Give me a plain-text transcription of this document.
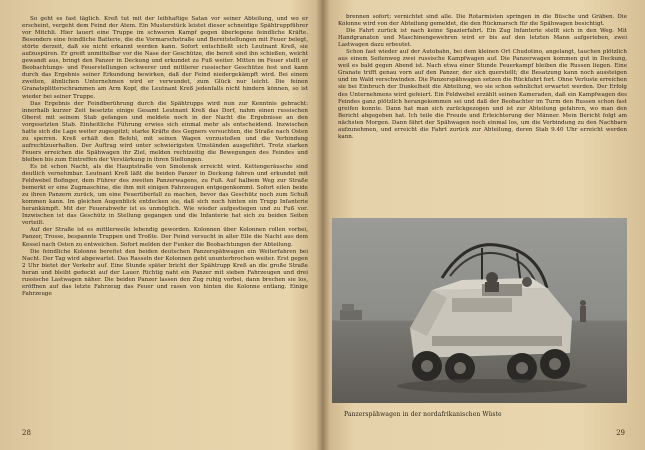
So geht es fast täglich. Kreß tut mit der leibhaftige Satan vor seiner Abteilung, und wo er erscheint, vergeht dem Feind der Atem. Ein Musterstück leistet dieser schneidige Spähtruppführer vor Mitchli. Hier lauert eine Truppe im schweren Kampf gegen überlegene feindliche Kräfte. Besonders eine feindliche Batterie, die die Vormarschstraße und Bereitstellungen mit Feuer belegt, störte derzeit, daß sie nicht erkannt werden kann. Sofort entschließt sich Leutnant Kreß, sie aufzuspüren. Er greift unmittelbar vor die Nase der Geschütze, die bereit sind ihn schießen, weicht gewandt aus, bringt den Panzer in Deckung und erkundet zu Fuß weiter. Mitten im Feuer stellt er Beobachtungs- und Feuerstellungen schwerer und mittlerer russischer Geschütze fest und kann durch das Ergebnis seiner Erkundung bewirken, daß der Feind niedergekämpft wird. Bei einem zweiten, ähnlichen Unternehmen wird er verwundet, zum Glück nur leicht. Die feinen Granatsplitterschrammen am Arm Kopf, die Leutnant Kreß jedenfalls nicht hindern können, so ist wieder bei seiner Truppe.

Das Ergebnis der Feindberührung durch die Spähtrupps wird nun zur Kenntnis gebracht: innerhalb kurzer Zeit besetzte einige Gesamt Leutnant Kreß das Dorf, nahm einen russischen Oberst mit seinem Stab gefangen und meldete noch in der Nacht die Ergebnisse an den vorgesetzten Stab. Einheitliche Führung erwies sich einmal mehr als entscheidend. Inzwischen hatte sich die Lage weiter zugespitzt; starke Kräfte des Gegners versuchten, die Straße nach Osten zu sperren. Kreß erhält den Befehl, mit seinen Wagen vorzustoßen und die Verbindung aufrechtzuerhalten. Der Auftrag wird unter schwierigsten Umständen ausgeführt. Trotz starken Feuers erreichen die Spähwagen ihr Ziel, melden rechtzeitig die Bewegungen des Feindes und bleiben bis zum Eintreffen der Verstärkung in ihren Stellungen.

Es ist schon Nacht, als die Hauptstraße von Smolensk erreicht wird. Kettengeräusche sind deutlich vernehmbar. Leutnant Kreß läßt die beiden Panzer in Deckung fahren und erkundet mit Feldwebel Bofinger, dem Führer des zweiten Panzerwagens, zu Fuß. Auf halbem Weg zur Straße bemerkt er eine Zugmaschine, die ihm mit einigen Fahrzeugen entgegenkommt. Sofort eilen beide zu ihren Panzern zurück, um eine Feuerüberfall zu machen, bevor das Geschütz noch zum Schuß kommen kann. Im gleichen Augenblick entdecken sie, daß sich noch hinten ein Trupp Infanterie herankämpft. Mit der Feuerabwehr ist es unmöglich. Wie wieder aufgestiegen und zu Fuß vor. Inzwischen ist das Geschütz in Stellung gegangen und die Infanterie hat sich zu beiden Seiten verteilt.

Auf der Straße ist es mittlerweile lebendig geworden. Kolonnen über Kolonnen rollen vorbei, Panzer, Trosse, bespannte Truppen und Troßte. Der Feind versucht in aller Eile die Nacht aus dem Kessel nach Osten zu entweichen. Sofort melden der Funker die Beobachtungen der Abteilung.

Die feindliche Kolonne bereitet den beiden deutschen Panzerspähwagen ein Weiterfahren bei Nacht. Der Tag wird abgewartet. Das Rasseln der Kolonnen geht ununterbrochen weiter. Erst gegen 2 Uhr bietet der Verkehr auf. Eine Stunde später bricht der Spähtrupp Kreß an die große Straße heran und bleibt gedeckt auf der Lauer. Richtig naht ein Panzer mit sieben Fahrzeugen und drei russische Lastwagen näher. Die beiden Panzer lassen den Zug ruhig vorbei, dann brechen sie los, eröffnen auf das letzte Fahrzeug das Feuer und rasen von hinten die Kolonne entlang. Einige Fahrzeuge

28

brennen sofort; vernichtet sind alle. Die Rotarmisten springen in die Büsche und Gräben. Die Kolonne wird von der Abteilung gemeldet, die den Rückmarsch für die Spähwagen besichtigt.

Die Fahrt zurück ist nach keine Spazierfahrt. Ein Zug Infanterie stellt sich in den Weg. Mit Handgranaten und Maschinengewehren wird er bis auf den letzten Mann aufgerieben, zwei Lastwagen dazu erbeutet.

Schon fast wieder auf der Autobahn, bei dem kleinen Ort Chudotino, angelangt, tauchen plötzlich aus einem Seitenweg zwei russische Kampfwagen auf. Die Panzerwagen kommen gut in Deckung, weil es bald gegen Abend ist. Nach etwa einer Stunde Feuerkampf bleiben die Russen liegen. Eine Granate trifft genau vorn auf den Panzer, der sich querstellt; die Besatzung kann noch aussteigen und im Wald verschwinden. Die Panzerspähwagen setzen die Rückfahrt fort. Ohne Verluste erreichen sie bei Einbruch der Dunkelheit die Abteilung, wo sie schon sehnlichst erwartet werden. Der Erfolg des Unternehmens wird gefeiert. Ein Feldwebel erzählt seinen Kameraden, daß ein Kampfwagen des Feindes ganz plötzlich herangekommen sei und daß der Beobachter im Turm den Russen schon fast greifen konnte. Dann hat man sich zurückgezogen und ist zur Abteilung gefahren, wo man den Bericht abgegeben hat. Ich teile die Freude und Erleichterung der Männer. Mein Bericht folgt am nächsten Morgen. Dann fährt der Spähwagen noch einmal los, um die Verbindung zu den Nachbarn aufzunehmen, und erreicht die Fahrt zurück zur Abteilung, deren Stab 9.40 Uhr erreicht werden kann.

Panzerspähwagen in der nordafrikanischen Wüste
29
